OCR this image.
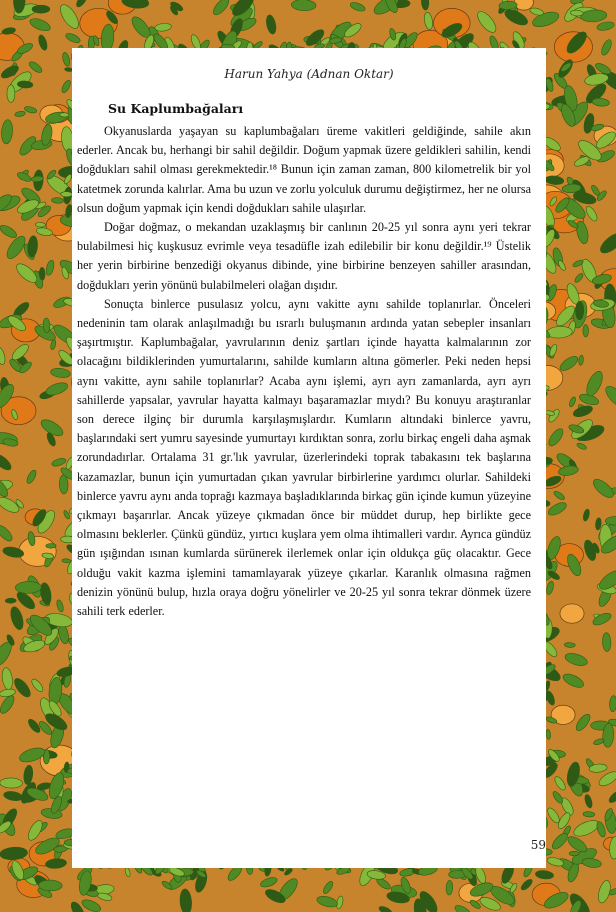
Harun Yahya (Adnan Oktar)
Su Kaplumbağaları

Okyanuslarda yaşayan su kaplumbağaları üreme vakitleri geldiğinde, sahile akın ederler. Ancak bu, herhangi bir sahil değildir. Doğum yapmak üzere geldikleri sahilin, kendi doğdukları sahil olması gerekmektedir.¹⁸ Bunun için zaman zaman, 800 kilometrelik bir yol katetmek zorunda kalırlar. Ama bu uzun ve zorlu yolculuk durumu değiştirmez, her ne olursa olsun doğum yapmak için kendi doğdukları sahile ulaşırlar.

Doğar doğmaz, o mekandan uzaklaşmış bir canlının 20-25 yıl sonra aynı yeri tekrar bulabilmesi hiç kuşkusuz evrimle veya tesadüfle izah edilebilir bir konu değildir.¹⁹ Üstelik her yerin birbirine benzediği okyanus dibinde, yine birbirine benzeyen sahiller arasından, doğdukları yerin yönünü bulabilmeleri olağan dışıdır.

Sonuçta binlerce pusulasız yolcu, aynı vakitte aynı sahilde toplanırlar. Önceleri nedeninin tam olarak anlaşılmadığı bu ısrarlı buluşmanın ardında yatan sebepler insanları şaşırtmıştır. Kaplumbağalar, yavrularının deniz şartları içinde hayatta kalmalarının zor olacağını bildiklerinden yumurtalarını, sahilde kumların altına gömerler. Peki neden hepsi aynı vakitte, aynı sahile toplanırlar? Acaba aynı işlemi, ayrı ayrı zamanlarda, ayrı ayrı sahillerde yapsalar, yavrular hayatta kalmayı başaramazlar mıydı? Bu konuyu araştıranlar son derece ilginç bir durumla karşılaşmışlardır. Kumların altındaki binlerce yavru, başlarındaki sert yumru sayesinde yumurtayı kırdıktan sonra, zorlu birkaç engeli daha aşmak zorundadırlar. Ortalama 31 gr.'lık yavrular, üzerlerindeki toprak tabakasını tek başlarına kazamazlar, bunun için yumurtadan çıkan yavrular birbirlerine yardımcı olurlar. Sahildeki binlerce yavru aynı anda toprağı kazmaya başladıklarında birkaç gün içinde kumun yüzeyine çıkmayı başarırlar. Ancak yüzeye çıkmadan önce bir müddet durup, hep birlikte gece olmasını beklerler. Çünkü gündüz, yırtıcı kuşlara yem olma ihtimalleri vardır. Ayrıca gündüz gün ışığından ısınan kumlarda sürünerek ilerlemek onlar için oldukça güç olacaktır. Gece olduğu vakit kazma işlemini tamamlayarak yüzeye çıkarlar. Karanlık olmasına rağmen denizin yönünü bulup, hızla oraya doğru yönelirler ve 20-25 yıl sonra tekrar dönmek üzere sahili terk ederler.

59
